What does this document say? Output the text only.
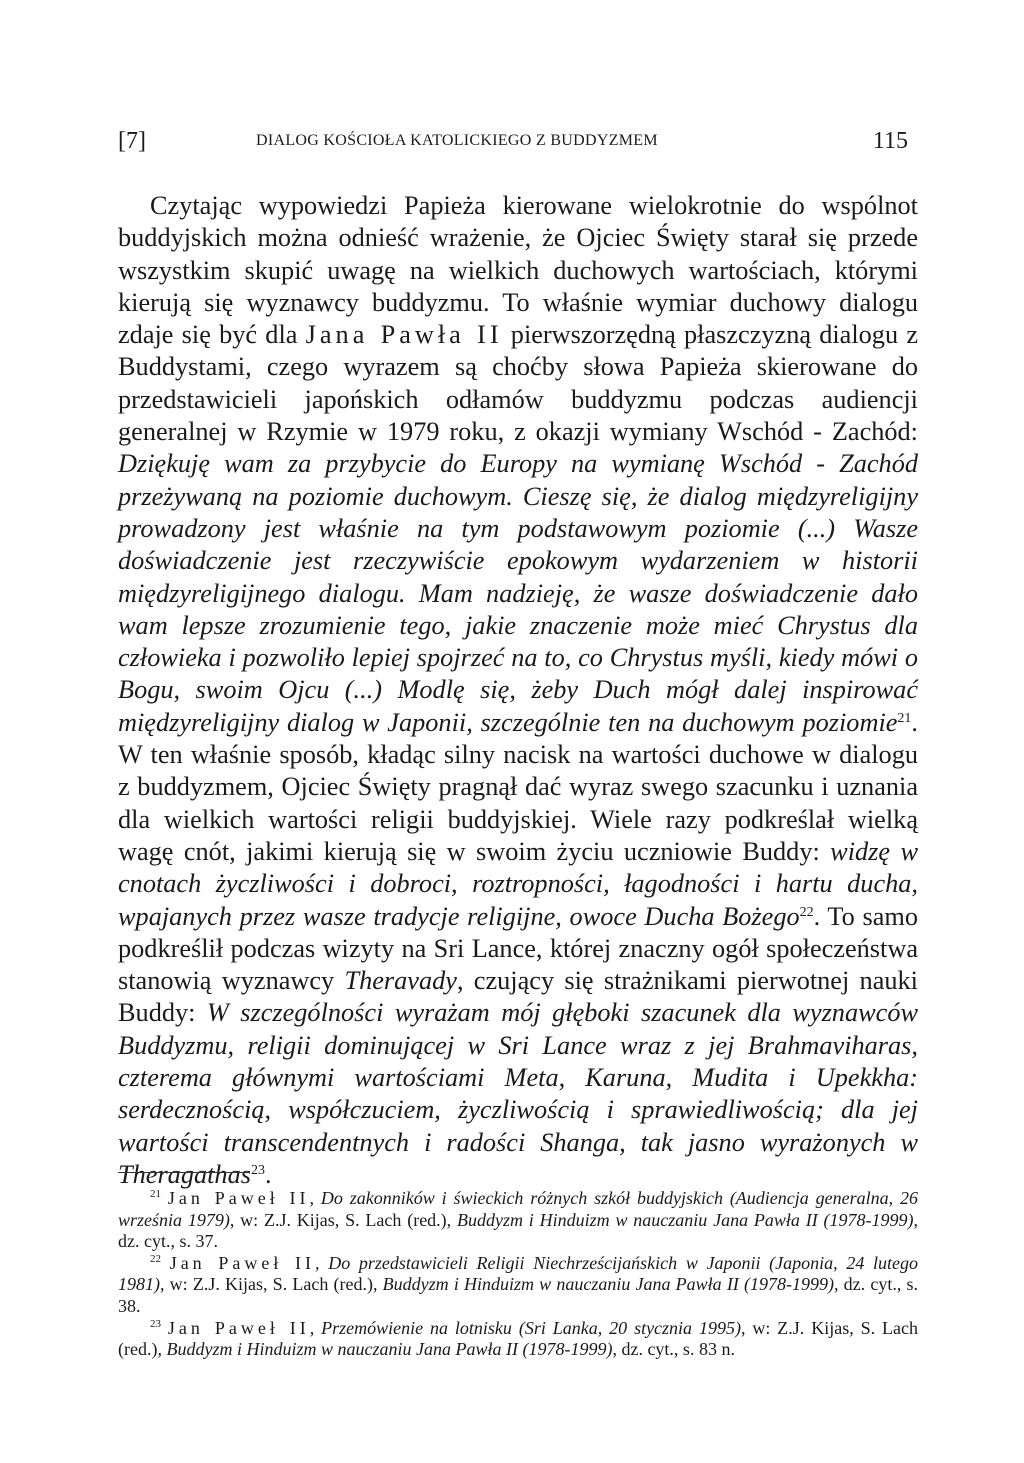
[7]	DIALOG KOŚCIOŁA KATOLICKIEGO Z BUDDYZMEM	115

Czytając wypowiedzi Papieża kierowane wielokrotnie do wspólnot buddyjskich można odnieść wrażenie, że Ojciec Święty starał się przede wszystkim skupić uwagę na wielkich duchowych wartościach, którymi kierują się wyznawcy buddyzmu. To właśnie wymiar duchowy dialogu zdaje się być dla Jana Pawła II pierwszorzędną płaszczyzną dialogu z Buddystami, czego wyrazem są choćby słowa Papieża skierowane do przedstawicieli japońskich odłamów buddyzmu podczas audiencji generalnej w Rzymie w 1979 roku, z okazji wymiany Wschód - Zachód: Dziękuję wam za przybycie do Europy na wymianę Wschód - Zachód przeżywaną na poziomie duchowym. Cieszę się, że dialog międzyreligijny prowadzony jest właśnie na tym podstawowym poziomie (...) Wasze doświadczenie jest rzeczywiście epokowym wydarzeniem w historii międzyreligijnego dialogu. Mam nadzieję, że wasze doświadczenie dało wam lepsze zrozumienie tego, jakie znaczenie może mieć Chrystus dla człowieka i pozwoliło lepiej spojrzeć na to, co Chrystus myśli, kiedy mówi o Bogu, swoim Ojcu (...) Modlę się, żeby Duch mógł dalej inspirować międzyreligijny dialog w Japonii, szczególnie ten na duchowym poziomie$^{21}$. W ten właśnie sposób, kładąc silny nacisk na wartości duchowe w dialogu z buddyzmem, Ojciec Święty pragnął dać wyraz swego szacunku i uznania dla wielkich wartości religii buddyjskiej. Wiele razy podkreślał wielką wagę cnót, jakimi kierują się w swoim życiu uczniowie Buddy: widzę w cnotach życzliwości i dobroci, roztropności, łagodności i hartu ducha, wpajanych przez wasze tradycje religijne, owoce Ducha Bożego$^{22}$. To samo podkreślił podczas wizyty na Sri Lance, której znaczny ogół społeczeństwa stanowią wyznawcy Theravady, czujący się strażnikami pierwotnej nauki Buddy: W szczególności wyrażam mój głęboki szacunek dla wyznawców Buddyzmu, religii dominującej w Sri Lance wraz z jej Brahmaviharas, czterema głównymi wartościami Meta, Karuna, Mudita i Upekkha: serdecznością, współczuciem, życzliwością i sprawiedliwością; dla jej wartości transcendentnych i radości Shanga, tak jasno wyrażonych w Theragathas$^{23}$.

$^{21}$ Jan Paweł II, Do zakonników i świeckich różnych szkół buddyjskich (Audiencja generalna, 26 września 1979), w: Z.J. Kijas, S. Lach (red.), Buddyzm i Hinduizm w nauczaniu Jana Pawła II (1978-1999), dz. cyt., s. 37.

$^{22}$ Jan Paweł II, Do przedstawicieli Religii Niechrześcijańskich w Japonii (Japonia, 24 lutego 1981), w: Z.J. Kijas, S. Lach (red.), Buddyzm i Hinduizm w nauczaniu Jana Pawła II (1978-1999), dz. cyt., s. 38.

$^{23}$ Jan Paweł II, Przemówienie na lotnisku (Sri Lanka, 20 stycznia 1995), w: Z.J. Kijas, S. Lach (red.), Buddyzm i Hinduizm w nauczaniu Jana Pawła II (1978-1999), dz. cyt., s. 83 n.
